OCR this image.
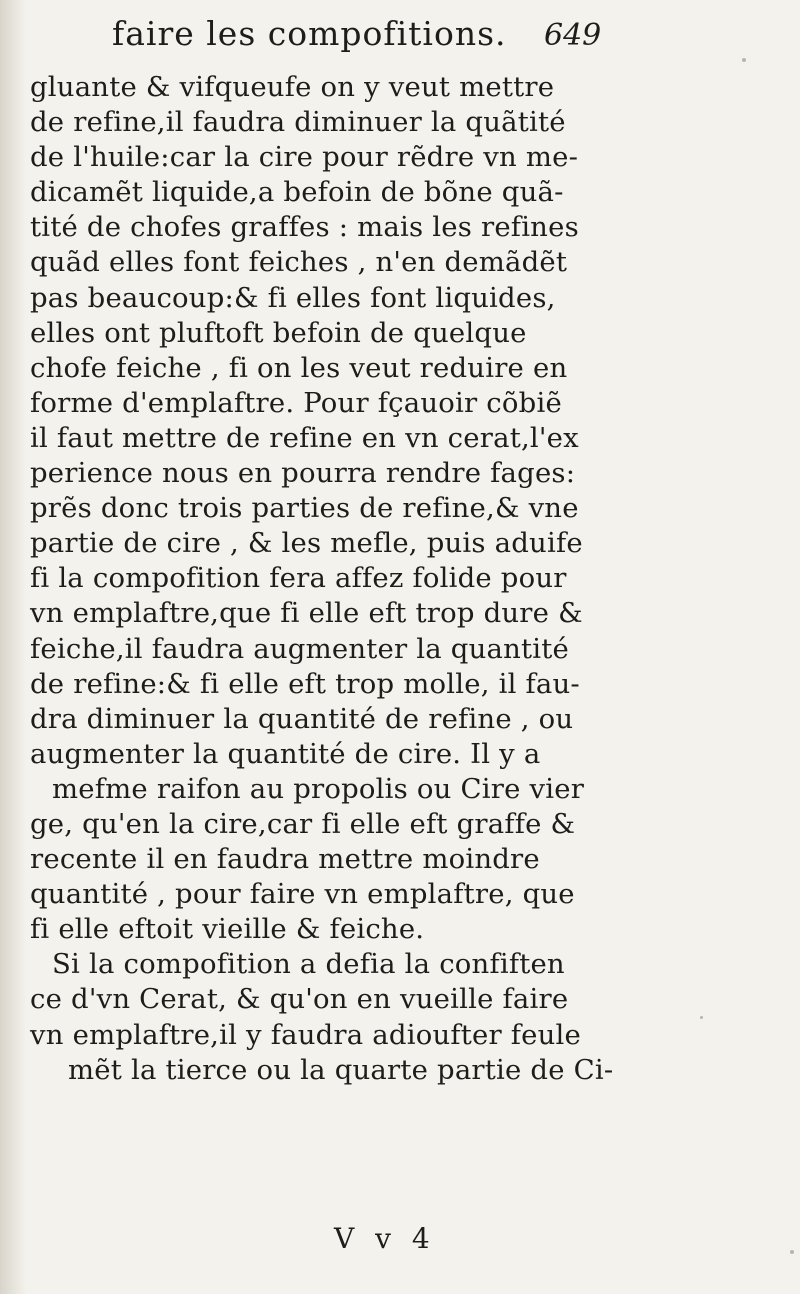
faire les compofitions. 649
gluante & vifqueufe on y veut mettre
de refine,il faudra diminuer la quãtité
de l'huile:car la cire pour rẽdre vn me-
dicamẽt liquide,a befoin de bõne quã-
tité de chofes graffes : mais les refines
quãd elles font feiches , n'en demãdẽt
pas beaucoup:& fi elles font liquides,
elles ont pluftoft befoin de quelque
chofe feiche , fi on les veut reduire en
forme d'emplaftre. Pour fçauoir cõbiẽ
il faut mettre de refine en vn cerat,l'ex
perience nous en pourra rendre fages:
prẽs donc trois parties de refine,& vne
partie de cire , & les mefle, puis aduife
fi la compofition fera affez folide pour
vn emplaftre,que fi elle eft trop dure &
feiche,il faudra augmenter la quantité
de refine:& fi elle eft trop molle, il fau-
dra diminuer la quantité de refine , ou
augmenter la quantité de cire. Il y a
mefme raifon au propolis ou Cire vier
ge, qu'en la cire,car fi elle eft graffe &
recente il en faudra mettre moindre
quantité , pour faire vn emplaftre, que
fi elle eftoit vieille & feiche.
Si la compofition a defia la confiften
ce d'vn Cerat, & qu'on en vueille faire
vn emplaftre,il y faudra adioufter feule
mẽt la tierce ou la quarte partie de Ci-
V v 4
